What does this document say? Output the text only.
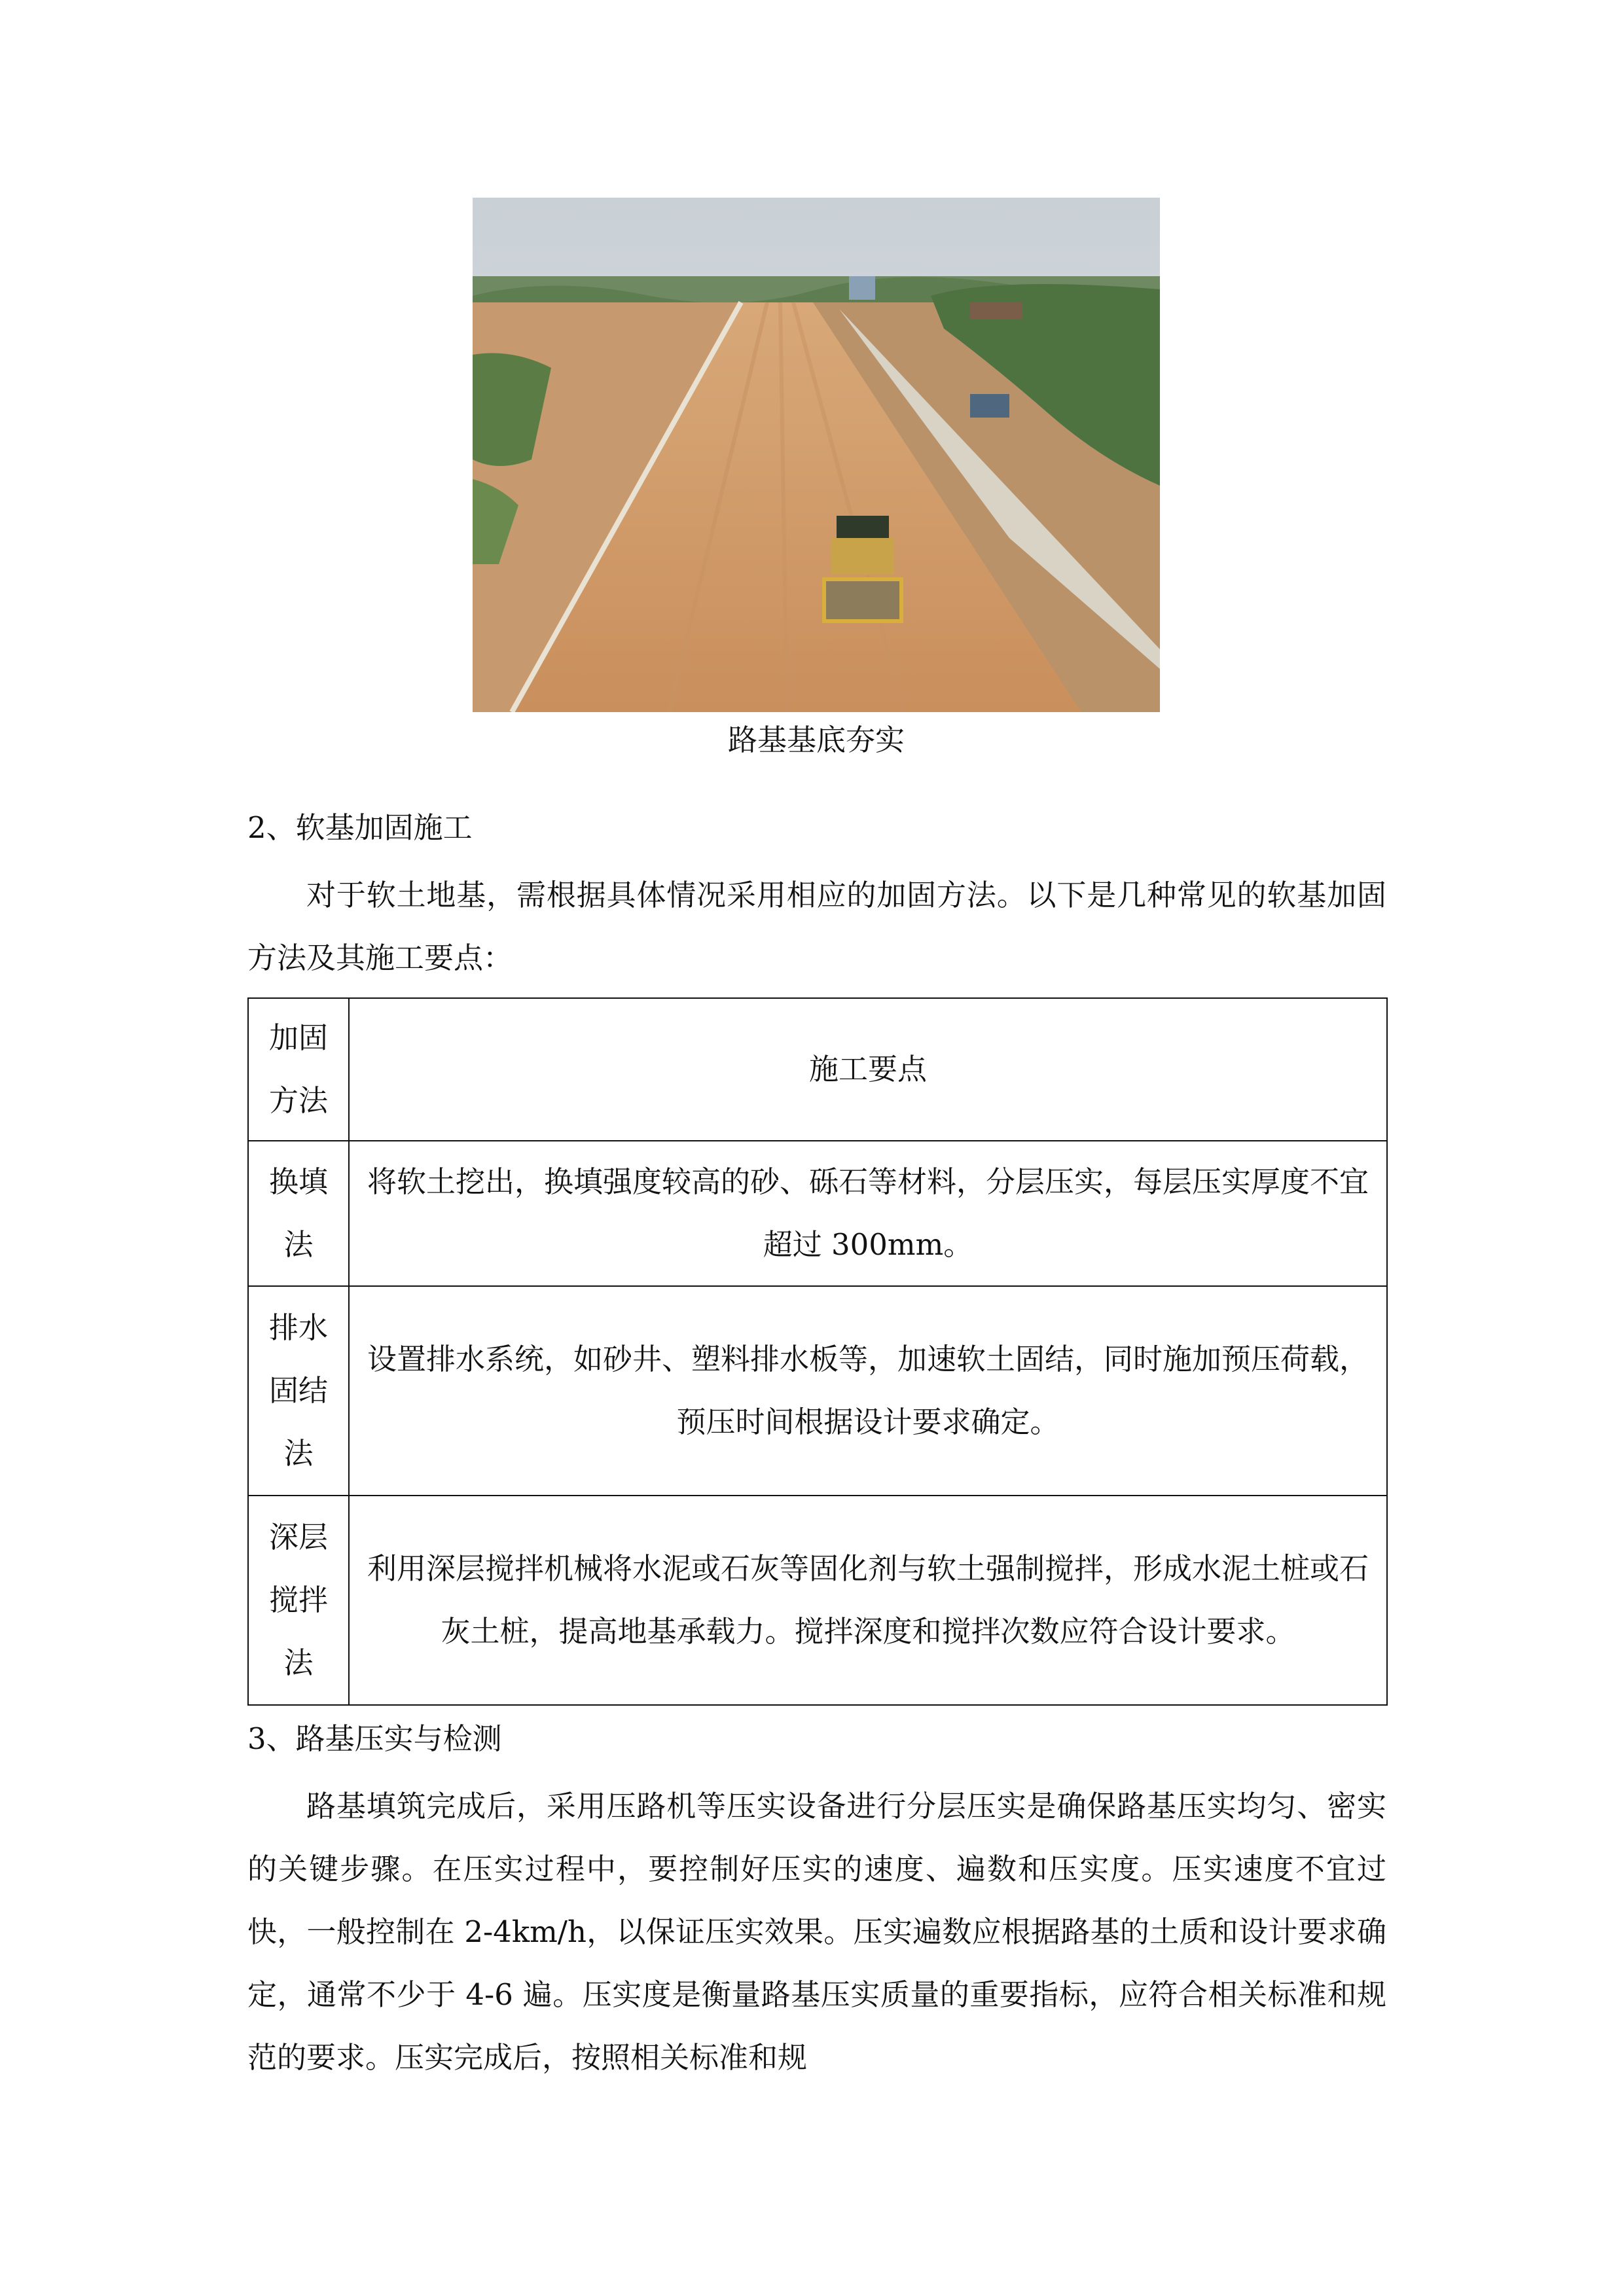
路基基底夯实
2、软基加固施工
对于软土地基，需根据具体情况采用相应的加固方法。以下是几种常见的软基加固方法及其施工要点：
加固方法	施工要点
换填法	将软土挖出，换填强度较高的砂、砾石等材料，分层压实，每层压实厚度不宜超过 300mm。
排水固结法	设置排水系统，如砂井、塑料排水板等，加速软土固结，同时施加预压荷载，预压时间根据设计要求确定。
深层搅拌法	利用深层搅拌机械将水泥或石灰等固化剂与软土强制搅拌，形成水泥土桩或石灰土桩，提高地基承载力。搅拌深度和搅拌次数应符合设计要求。
3、路基压实与检测
路基填筑完成后，采用压路机等压实设备进行分层压实是确保路基压实均匀、密实的关键步骤。在压实过程中，要控制好压实的速度、遍数和压实度。压实速度不宜过快，一般控制在 2-4km/h，以保证压实效果。压实遍数应根据路基的土质和设计要求确定，通常不少于 4-6 遍。压实度是衡量路基压实质量的重要指标，应符合相关标准和规范的要求。压实完成后，按照相关标准和规
